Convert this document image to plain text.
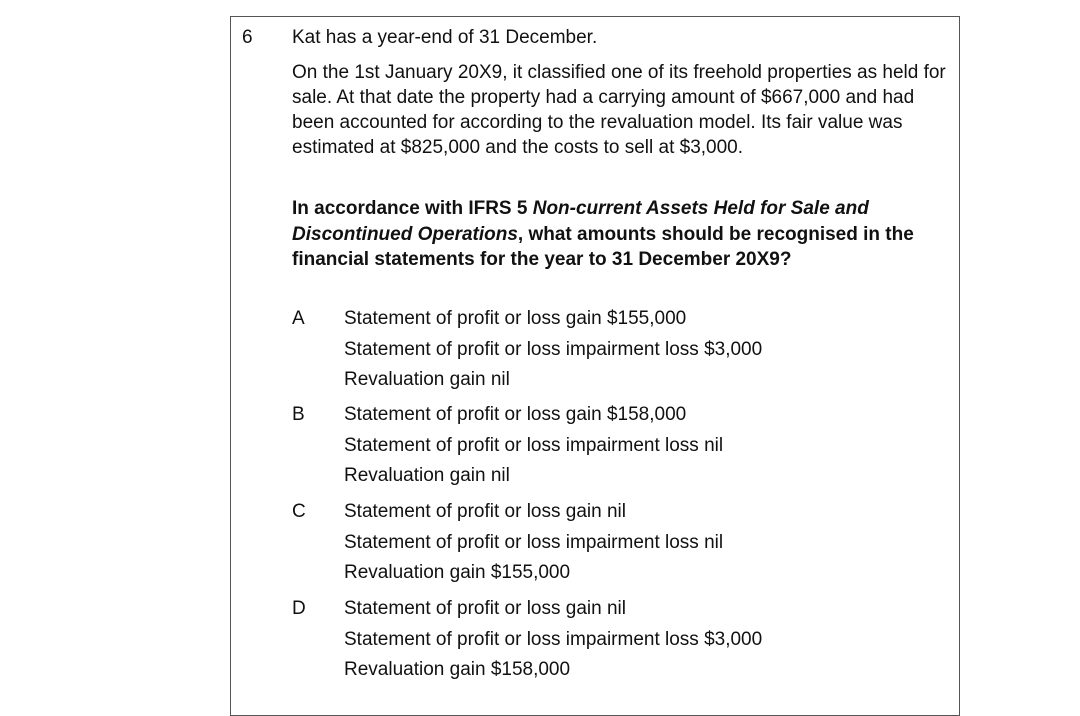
6 Kat has a year-end of 31 December.

On the 1st January 20X9, it classified one of its freehold properties as held for sale. At that date the property had a carrying amount of $667,000 and had been accounted for according to the revaluation model. Its fair value was estimated at $825,000 and the costs to sell at $3,000.

In accordance with IFRS 5 Non-current Assets Held for Sale and Discontinued Operations, what amounts should be recognised in the financial statements for the year to 31 December 20X9?

A	Statement of profit or loss gain $155,000
Statement of profit or loss impairment loss $3,000
Revaluation gain nil
B	Statement of profit or loss gain $158,000
Statement of profit or loss impairment loss nil
Revaluation gain nil
C	Statement of profit or loss gain nil
Statement of profit or loss impairment loss nil
Revaluation gain $155,000
D	Statement of profit or loss gain nil
Statement of profit or loss impairment loss $3,000
Revaluation gain $158,000
